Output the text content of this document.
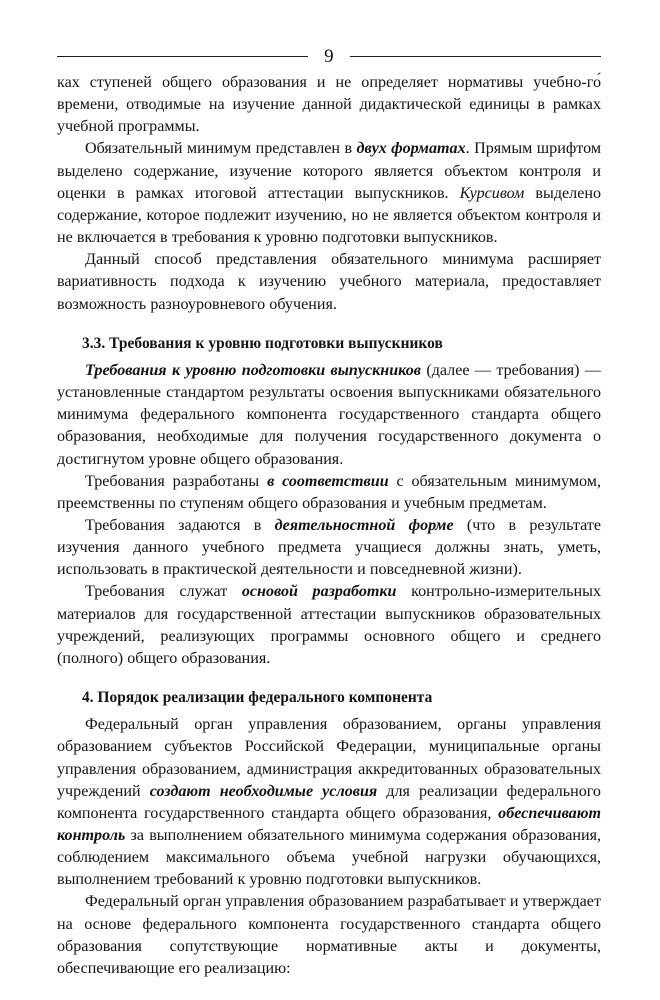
9

ках ступеней общего образования и не определяет нормативы учебно-го времени, отводимые на изучение данной дидактической единицы в рамках учебной программы.

Обязательный минимум представлен в двух форматах. Прямым шрифтом выделено содержание, изучение которого является объектом контроля и оценки в рамках итоговой аттестации выпускников. Курсивом выделено содержание, которое подлежит изучению, но не является объектом контроля и не включается в требования к уровню подготовки выпускников.

Данный способ представления обязательного минимума расширяет вариативность подхода к изучению учебного материала, предоставляет возможность разноуровневого обучения.

3.3. Требования к уровню подготовки выпускников

Требования к уровню подготовки выпускников (далее — требования) — установленные стандартом результаты освоения выпускниками обязательного минимума федерального компонента государственного стандарта общего образования, необходимые для получения государственного документа о достигнутом уровне общего образования.

Требования разработаны в соответствии с обязательным минимумом, преемственны по ступеням общего образования и учебным предметам.

Требования задаются в деятельностной форме (что в результате изучения данного учебного предмета учащиеся должны знать, уметь, использовать в практической деятельности и повседневной жизни).

Требования служат основой разработки контрольно-измерительных материалов для государственной аттестации выпускников образовательных учреждений, реализующих программы основного общего и среднего (полного) общего образования.

4. Порядок реализации федерального компонента

Федеральный орган управления образованием, органы управления образованием субъектов Российской Федерации, муниципальные органы управления образованием, администрация аккредитованных образовательных учреждений создают необходимые условия для реализации федерального компонента государственного стандарта общего образования, обеспечивают контроль за выполнением обязательного минимума содержания образования, соблюдением максимального объема учебной нагрузки обучающихся, выполнением требований к уровню подготовки выпускников.

Федеральный орган управления образованием разрабатывает и утверждает на основе федерального компонента государственного стандарта общего образования сопутствующие нормативные акты и документы, обеспечивающие его реализацию:
